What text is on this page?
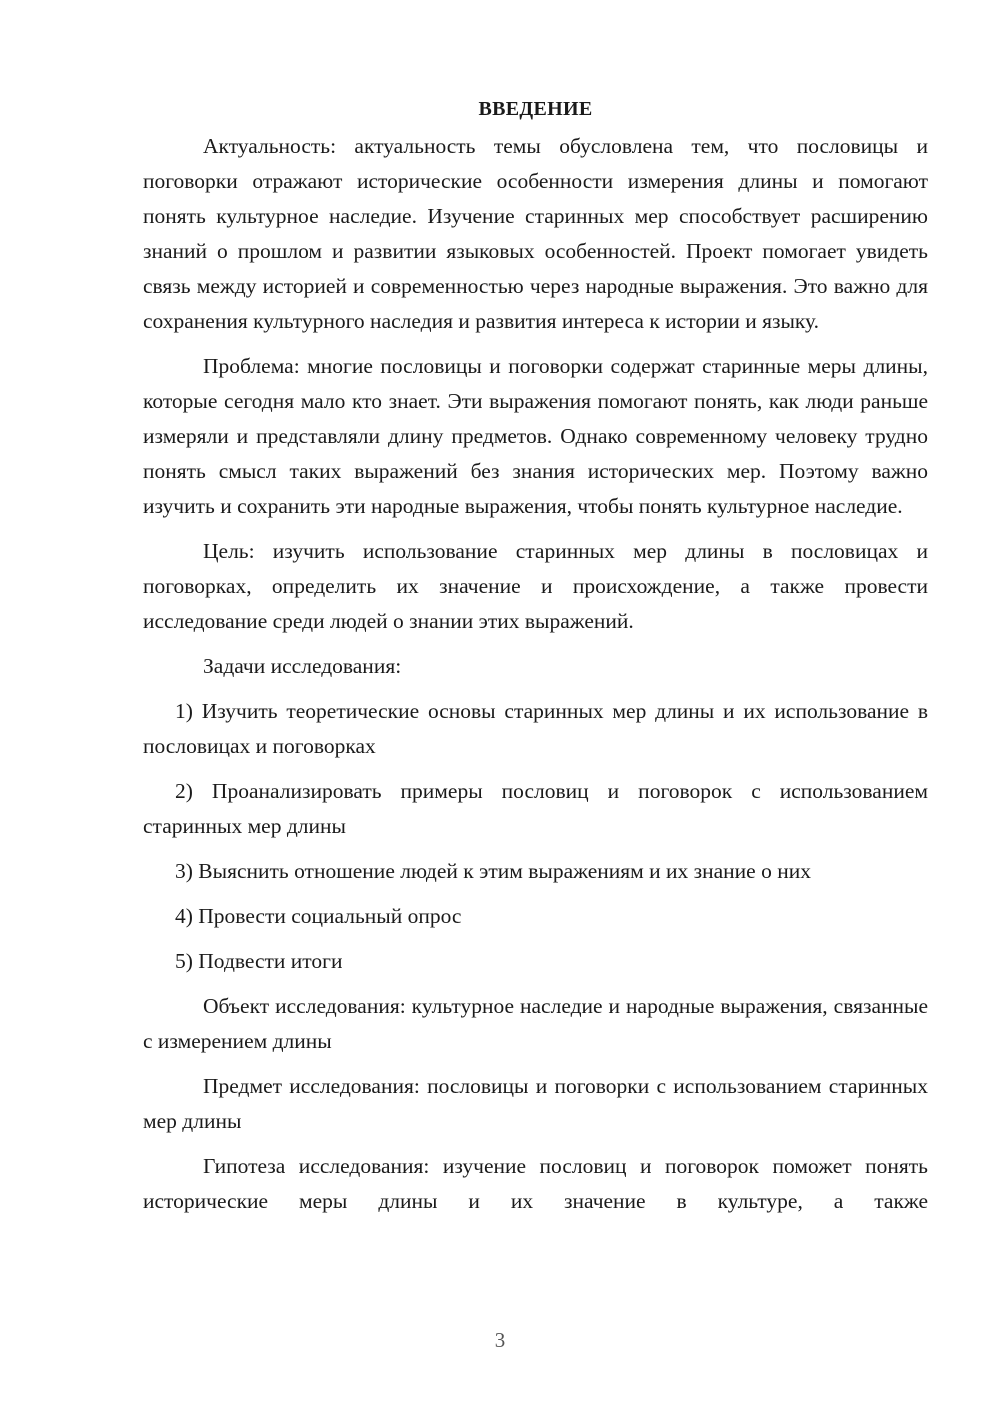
ВВЕДЕНИЕ

Актуальность: актуальность темы обусловлена тем, что пословицы и поговорки отражают исторические особенности измерения длины и помогают понять культурное наследие. Изучение старинных мер способствует расширению знаний о прошлом и развитии языковых особенностей. Проект помогает увидеть связь между историей и современностью через народные выражения. Это важно для сохранения культурного наследия и развития интереса к истории и языку.

Проблема: многие пословицы и поговорки содержат старинные меры длины, которые сегодня мало кто знает. Эти выражения помогают понять, как люди раньше измеряли и представляли длину предметов. Однако современному человеку трудно понять смысл таких выражений без знания исторических мер. Поэтому важно изучить и сохранить эти народные выражения, чтобы понять культурное наследие.

Цель: изучить использование старинных мер длины в пословицах и поговорках, определить их значение и происхождение, а также провести исследование среди людей о знании этих выражений.

Задачи исследования:

1) Изучить теоретические основы старинных мер длины и их использование в пословицах и поговорках

2) Проанализировать примеры пословиц и поговорок с использованием старинных мер длины

3) Выяснить отношение людей к этим выражениям и их знание о них

4) Провести социальный опрос

5) Подвести итоги

Объект исследования: культурное наследие и народные выражения, связанные с измерением длины

Предмет исследования: пословицы и поговорки с использованием старинных мер длины

Гипотеза исследования: изучение пословиц и поговорок поможет понять исторические меры длины и их значение в культуре, а также

3
